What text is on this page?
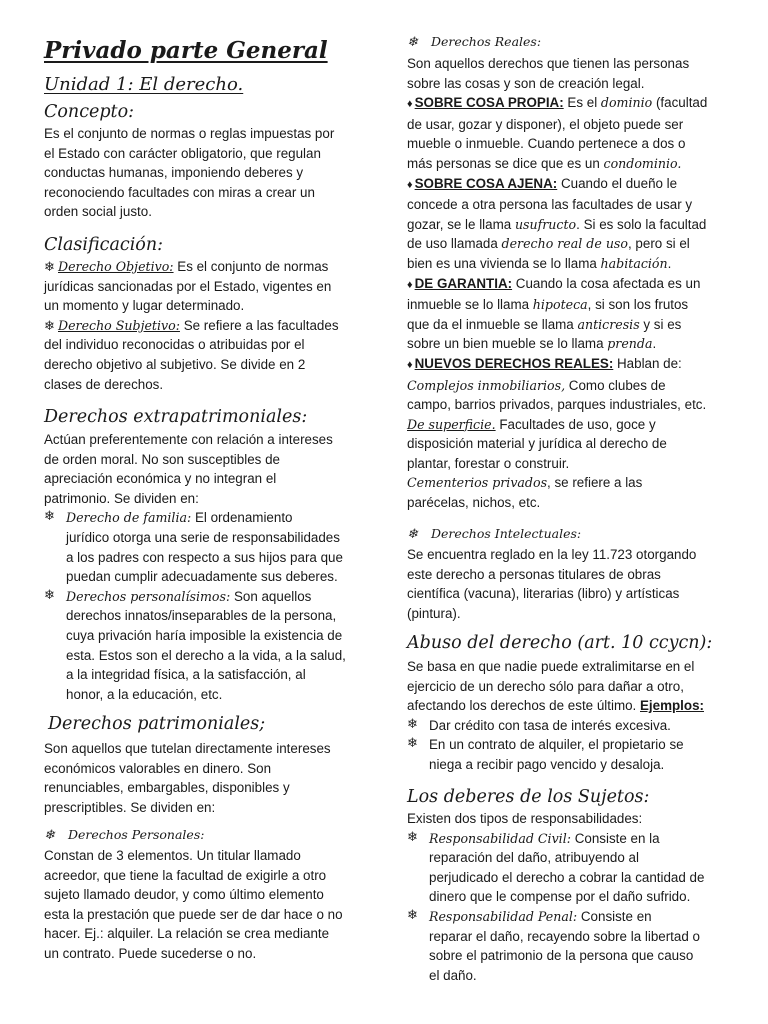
Privado parte General
Unidad 1: El derecho.
Concepto:

Es el conjunto de normas o reglas impuestas por

el Estado con carácter obligatorio, que regulan

conductas humanas, imponiendo deberes y

reconociendo facultades con miras a crear un

orden social justo.

Clasificación:

❄ Derecho Objetivo: Es el conjunto de normas

jurídicas sancionadas por el Estado, vigentes en

un momento y lugar determinado.

❄ Derecho Subjetivo: Se refiere a las facultades

del individuo reconocidas o atribuidas por el

derecho objetivo al subjetivo. Se divide en 2

clases de derechos.

Derechos extrapatrimoniales:

Actúan preferentemente con relación a intereses

de orden moral. No son susceptibles de

apreciación económica y no integran el

patrimonio. Se dividen en:

❄ Derecho de familia: El ordenamiento
jurídico otorga una serie de responsabilidades
a los padres con respecto a sus hijos para que
puedan cumplir adecuadamente sus deberes.
❄ Derechos personalísimos: Son aquellos
derechos innatos/inseparables de la persona,
cuya privación haría imposible la existencia de
esta. Estos son el derecho a la vida, a la salud,
a la integridad física, a la satisfacción, al
honor, a la educación, etc.
Derechos patrimoniales;

Son aquellos que tutelan directamente intereses

económicos valorables en dinero. Son

renunciables, embargables, disponibles y

prescriptibles. Se dividen en:

❄ Derechos Personales:

Constan de 3 elementos. Un titular llamado

acreedor, que tiene la facultad de exigirle a otro

sujeto llamado deudor, y como último elemento

esta la prestación que puede ser de dar hace o no

hacer. Ej.: alquiler. La relación se crea mediante

un contrato. Puede sucederse o no.

❄ Derechos Reales:

Son aquellos derechos que tienen las personas

sobre las cosas y son de creación legal.

♦ SOBRE COSA PROPIA: Es el dominio (facultad

de usar, gozar y disponer), el objeto puede ser

mueble o inmueble. Cuando pertenece a dos o

más personas se dice que es un condominio.

♦ SOBRE COSA AJENA: Cuando el dueño le

concede a otra persona las facultades de usar y

gozar, se le llama usufructo. Si es solo la facultad

de uso llamada derecho real de uso, pero si el

bien es una vivienda se lo llama habitación.

♦ DE GARANTIA: Cuando la cosa afectada es un

inmueble se lo llama hipoteca, si son los frutos

que da el inmueble se llama anticresis y si es

sobre un bien mueble se lo llama prenda.

♦ NUEVOS DERECHOS REALES: Hablan de:

Complejos inmobiliarios, Como clubes de

campo, barrios privados, parques industriales, etc.

De superficie. Facultades de uso, goce y

disposición material y jurídica al derecho de

plantar, forestar o construir.

Cementerios privados, se refiere a las

parécelas, nichos, etc.

❄ Derechos Intelectuales:

Se encuentra reglado en la ley 11.723 otorgando

este derecho a personas titulares de obras

científica (vacuna), literarias (libro) y artísticas

(pintura).

Abuso del derecho (art. 10 ccycn):

Se basa en que nadie puede extralimitarse en el

ejercicio de un derecho sólo para dañar a otro,

afectando los derechos de este último. Ejemplos:

❄ Dar crédito con tasa de interés excesiva.
❄ En un contrato de alquiler, el propietario se
niega a recibir pago vencido y desaloja.
Los deberes de los Sujetos:

Existen dos tipos de responsabilidades:

❄ Responsabilidad Civil: Consiste en la
reparación del daño, atribuyendo al
perjudicado el derecho a cobrar la cantidad de
dinero que le compense por el daño sufrido.
❄ Responsabilidad Penal: Consiste en
reparar el daño, recayendo sobre la libertad o
sobre el patrimonio de la persona que causo
el daño.
